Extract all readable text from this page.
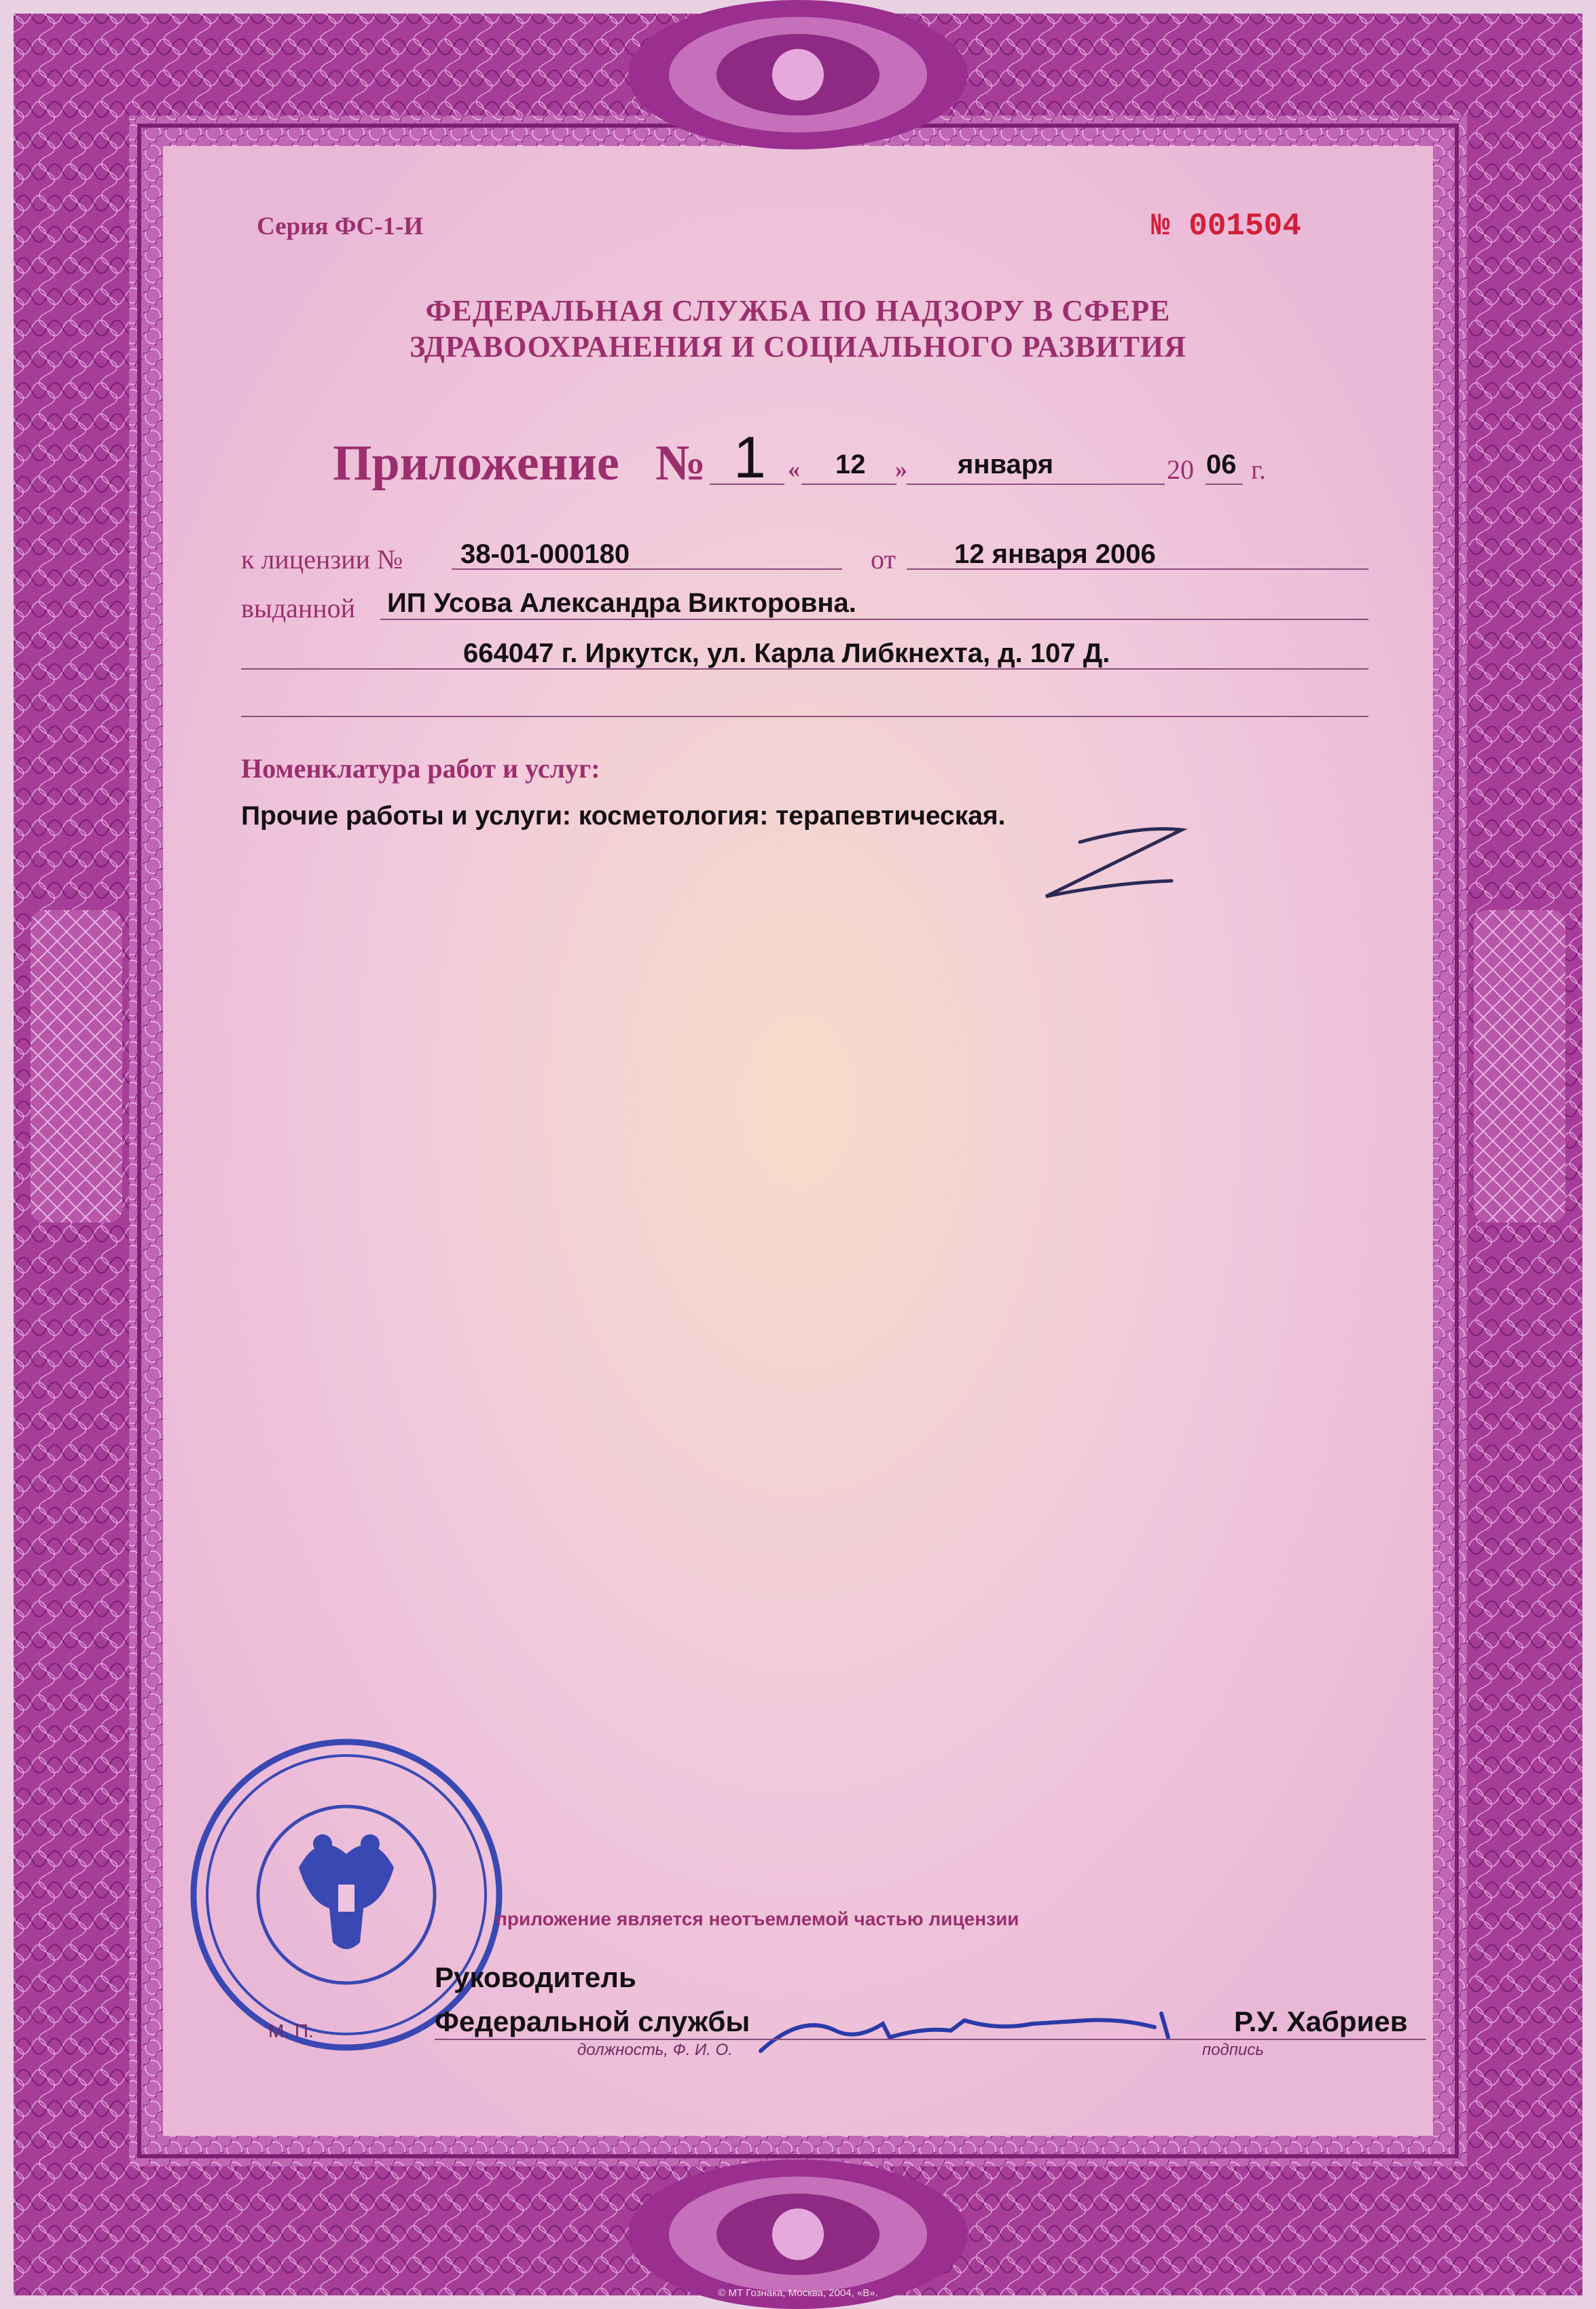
Серия ФС-1-И	№ 001504
ФЕДЕРАЛЬНАЯ СЛУЖБА ПО НАДЗОРУ В СФЕРЕ
ЗДРАВООХРАНЕНИЯ И СОЦИАЛЬНОГО РАЗВИТИЯ
Приложение № 1 « 12 » января	20 06 г.
к лицензии № 38-01-000180	от 12 января 2006
выданной ИП Усова Александра Викторовна.
664047 г. Иркутск, ул. Карла Либкнехта, д. 107 Д.
Номенклатура работ и услуг:
Прочие работы и услуги: косметология: терапевтическая.
приложение является неотъемлемой частью лицензии
Руководитель
Федеральной службы
М. П.
должность, Ф. И. О.	подпись
Р.У. Хабриев
© МТ Гознака, Москва, 2004, «В».
